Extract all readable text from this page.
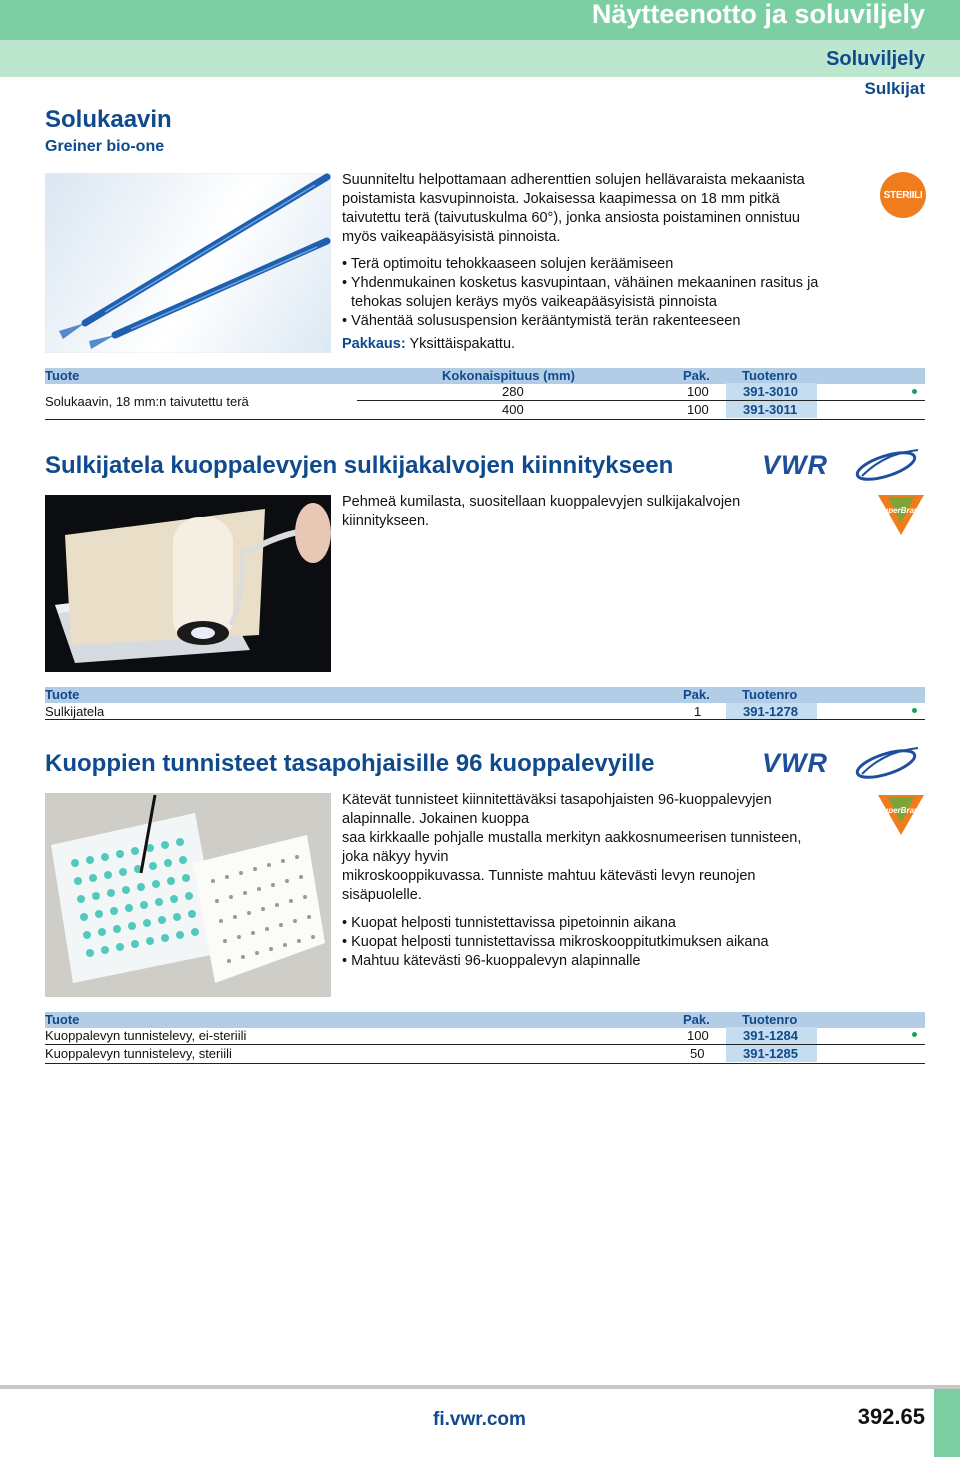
Näytteenotto ja soluviljely
Soluviljely
Sulkijat
Solukaavin
Greiner bio-one
Suunniteltu helpottamaan adherenttien solujen hellävaraista mekaanista
poistamista kasvupinnoista. Jokaisessa kaapimessa on 18 mm pitkä
taivutettu terä (taivutuskulma 60°), jonka ansiosta poistaminen onnistuu
myös vaikeapääsyisistä pinnoista.
• Terä optimoitu tehokkaaseen solujen keräämiseen
• Yhdenmukainen kosketus kasvupintaan, vähäinen mekaaninen rasitus ja
tehokas solujen keräys myös vaikeapääsyisistä pinnoista
• Vähentää solususpension kerääntymistä terän rakenteeseen
Pakkaus: Yksittäispakattu.
STERIILI
Tuote	Kokonaispituus (mm)	Pak. Tuotenro
Solukaavin, 18 mm:n taivutettu terä
280	100	391-3010
400	100	391-3011
Sulkijatela kuoppalevyjen sulkijakalvojen kiinnitykseen	VWR
SuperBrand
Pehmeä kumilasta, suositellaan kuoppalevyjen sulkijakalvojen
kiinnitykseen.
Tuote	Pak. Tuotenro
Sulkijatela	1	391-1278
Kuoppien tunnisteet tasapohjaisille 96 kuoppalevyille	VWR
SuperBrand
Kätevät tunnisteet kiinnitettäväksi tasapohjaisten 96-kuoppalevyjen
alapinnalle. Jokainen kuoppa
saa kirkkaalle pohjalle mustalla merkityn aakkosnumeerisen tunnisteen,
joka näkyy hyvin
mikroskooppikuvassa. Tunniste mahtuu kätevästi levyn reunojen
sisäpuolelle.
• Kuopat helposti tunnistettavissa pipetoinnin aikana
• Kuopat helposti tunnistettavissa mikroskooppitutkimuksen aikana
• Mahtuu kätevästi 96-kuoppalevyn alapinnalle
Tuote	Pak. Tuotenro
Kuoppalevyn tunnistelevy, ei-steriili	100	391-1284
Kuoppalevyn tunnistelevy, steriili	50	391-1285
fi.vwr.com	392.65
